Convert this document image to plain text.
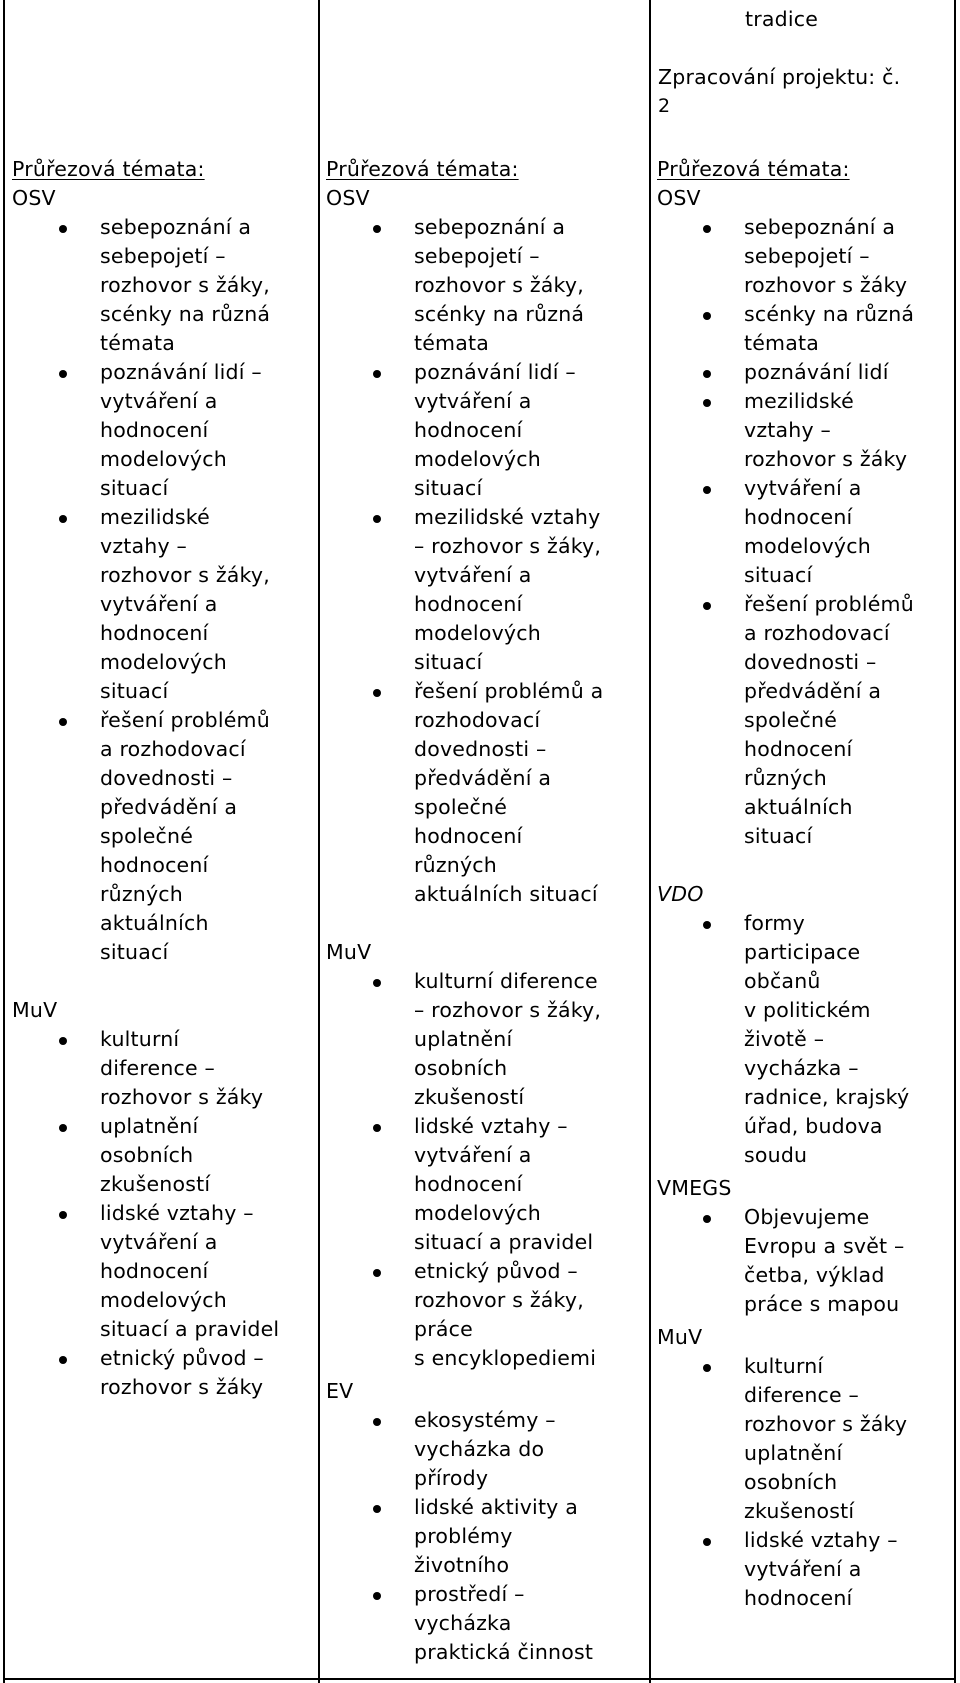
tradice
Zpracování projektu: č.
2
Průřezová témata:
OSV
sebepoznání a
sebepojetí –
rozhovor s žáky,
scénky na různá
témata
poznávání lidí –
vytváření a
hodnocení
modelových
situací
mezilidské
vztahy –
rozhovor s žáky,
vytváření a
hodnocení
modelových
situací
řešení problémů
a rozhodovací
dovednosti –
předvádění a
společné
hodnocení
různých
aktuálních
situací
MuV
kulturní
diference –
rozhovor s žáky
uplatnění
osobních
zkušeností
lidské vztahy –
vytváření a
hodnocení
modelových
situací a pravidel
etnický původ –
rozhovor s žáky
Průřezová témata:
OSV
sebepoznání a
sebepojetí –
rozhovor s žáky,
scénky na různá
témata
poznávání lidí –
vytváření a
hodnocení
modelových
situací
mezilidské vztahy
– rozhovor s žáky,
vytváření a
hodnocení
modelových
situací
řešení problémů a
rozhodovací
dovednosti –
předvádění a
společné
hodnocení
různých
aktuálních situací
MuV
kulturní diference
– rozhovor s žáky,
uplatnění
osobních
zkušeností
lidské vztahy –
vytváření a
hodnocení
modelových
situací a pravidel
etnický původ –
rozhovor s žáky,
práce
s encyklopediemi
EV
ekosystémy –
vycházka do
přírody
lidské aktivity a
problémy
životního
prostředí –
vycházka
praktická činnost
Průřezová témata:
OSV
sebepoznání a
sebepojetí –
rozhovor s žáky
scénky na různá
témata
poznávání lidí
mezilidské
vztahy –
rozhovor s žáky
vytváření a
hodnocení
modelových
situací
řešení problémů
a rozhodovací
dovednosti –
předvádění a
společné
hodnocení
různých
aktuálních
situací
VDO
formy
participace
občanů
v politickém
životě –
vycházka –
radnice, krajský
úřad, budova
soudu
VMEGS
Objevujeme
Evropu a svět –
četba, výklad
práce s mapou
MuV
kulturní
diference –
rozhovor s žáky
uplatnění
osobních
zkušeností
lidské vztahy –
vytváření a
hodnocení
